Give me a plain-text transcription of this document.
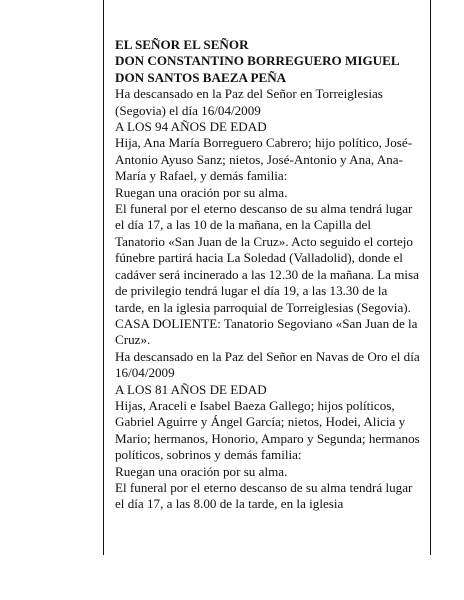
EL SEÑOR EL SEÑOR

DON CONSTANTINO BORREGUERO MIGUEL

DON SANTOS BAEZA PEÑA

Ha descansado en la Paz del Señor en Torreiglesias (Segovia) el día 16/04/2009

A LOS 94 AÑOS DE EDAD

Hija, Ana María Borreguero Cabrero; hijo político, José-Antonio Ayuso Sanz; nietos, José-Antonio y Ana, Ana-María y Rafael, y demás familia:

Ruegan una oración por su alma.

El funeral por el eterno descanso de su alma tendrá lugar el día 17, a las 10 de la mañana, en la Capilla del Tanatorio «San Juan de la Cruz». Acto seguido el cortejo fúnebre partirá hacia La Soledad (Valladolid), donde el cadáver será incinerado a las 12.30 de la mañana. La misa de privilegio tendrá lugar el día 19, a las 13.30 de la tarde, en la iglesia parroquial de Torreiglesias (Segovia).

CASA DOLIENTE: Tanatorio Segoviano «San Juan de la Cruz».

Ha descansado en la Paz del Señor en Navas de Oro el día 16/04/2009

A LOS 81 AÑOS DE EDAD

Hijas, Araceli e Isabel Baeza Gallego; hijos políticos, Gabriel Aguirre y Ángel García; nietos, Hodei, Alicia y Mario; hermanos, Honorio, Amparo y Segunda; hermanos políticos, sobrinos y demás familia:

Ruegan una oración por su alma.

El funeral por el eterno descanso de su alma tendrá lugar el día 17, a las 8.00 de la tarde, en la iglesia
